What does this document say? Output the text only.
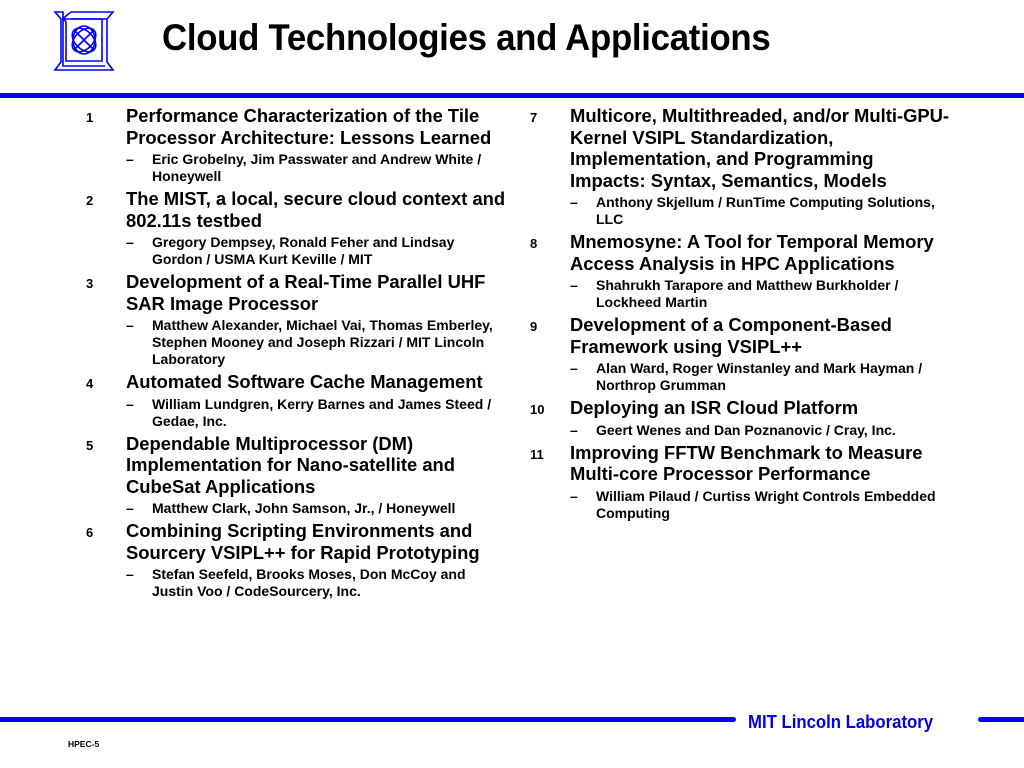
Cloud Technologies and Applications
1	Performance Characterization of the Tile Processor Architecture: Lessons Learned
– Eric Grobelny, Jim Passwater and Andrew White / Honeywell
2	The MIST, a local, secure cloud context and 802.11s testbed
– Gregory Dempsey, Ronald Feher and Lindsay Gordon / USMA Kurt Keville / MIT
3	Development of a Real-Time Parallel UHF SAR Image Processor
– Matthew Alexander, Michael Vai, Thomas Emberley, Stephen Mooney and Joseph Rizzari / MIT Lincoln Laboratory
4	Automated Software Cache Management
– William Lundgren, Kerry Barnes and James Steed / Gedae, Inc.
5	Dependable Multiprocessor (DM) Implementation for Nano-satellite and CubeSat Applications
– Matthew Clark, John Samson, Jr., / Honeywell
6	Combining Scripting Environments and Sourcery VSIPL++ for Rapid Prototyping
– Stefan Seefeld, Brooks Moses, Don McCoy and Justin Voo / CodeSourcery, Inc.
7	Multicore, Multithreaded, and/or Multi-GPU-Kernel VSIPL Standardization, Implementation, and Programming Impacts: Syntax, Semantics, Models
– Anthony Skjellum / RunTime Computing Solutions, LLC
8	Mnemosyne: A Tool for Temporal Memory Access Analysis in HPC Applications
– Shahrukh Tarapore and Matthew Burkholder / Lockheed Martin
9	Development of a Component-Based Framework using VSIPL++
– Alan Ward, Roger Winstanley and Mark Hayman / Northrop Grumman
10	Deploying an ISR Cloud Platform
– Geert Wenes and Dan Poznanovic / Cray, Inc.
11	Improving FFTW Benchmark to Measure Multi-core Processor Performance
– William Pilaud / Curtiss Wright Controls Embedded Computing
MIT Lincoln Laboratory
HPEC-5
